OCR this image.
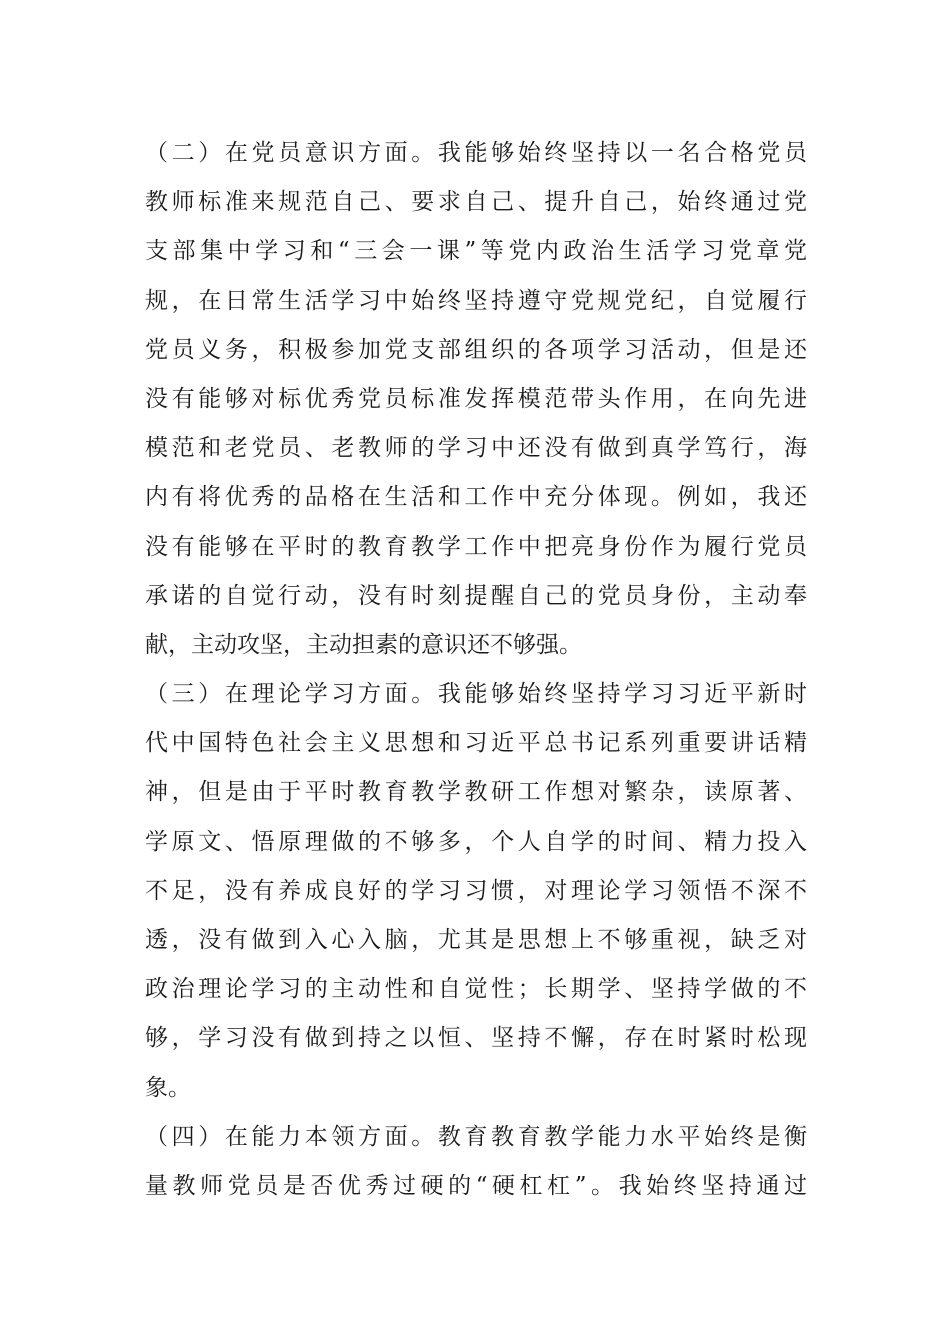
（二）在党员意识方面。我能够始终坚持以一名合格党员
教师标准来规范自己、要求自己、提升自己，始终通过党
支部集中学习和“三会一课”等党内政治生活学习党章党
规，在日常生活学习中始终坚持遵守党规党纪，自觉履行
党员义务，积极参加党支部组织的各项学习活动，但是还
没有能够对标优秀党员标准发挥模范带头作用，在向先进
模范和老党员、老教师的学习中还没有做到真学笃行，海
内有将优秀的品格在生活和工作中充分体现。例如，我还
没有能够在平时的教育教学工作中把亮身份作为履行党员
承诺的自觉行动，没有时刻提醒自己的党员身份，主动奉
献，主动攻坚，主动担素的意识还不够强。

（三）在理论学习方面。我能够始终坚持学习习近平新时
代中国特色社会主义思想和习近平总书记系列重要讲话精
神，但是由于平时教育教学教研工作想对繁杂，读原著、
学原文、悟原理做的不够多，个人自学的时间、精力投入
不足，没有养成良好的学习习惯，对理论学习领悟不深不
透，没有做到入心入脑，尤其是思想上不够重视，缺乏对
政治理论学习的主动性和自觉性；长期学、坚持学做的不
够，学习没有做到持之以恒、坚持不懈，存在时紧时松现
象。

（四）在能力本领方面。教育教育教学能力水平始终是衡
量教师党员是否优秀过硬的“硬杠杠”。我始终坚持通过
